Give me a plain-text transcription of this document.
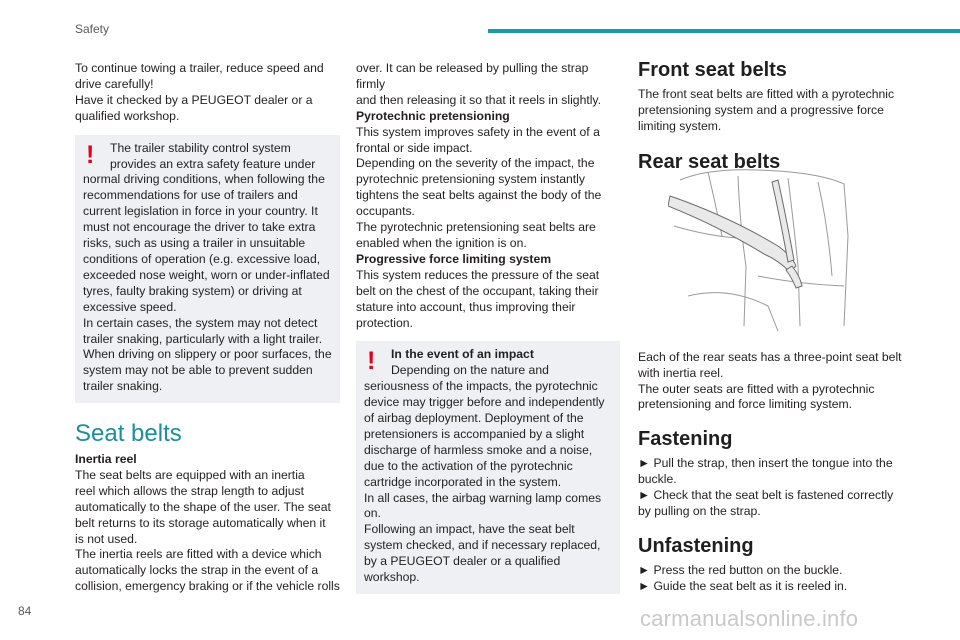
Safety

To continue towing a trailer, reduce speed and

drive carefully!

Have it checked by a PEUGEOT dealer or a

qualified workshop.

!	The trailer stability control system

provides an extra safety feature under

normal driving conditions, when following the

recommendations for use of trailers and

current legislation in force in your country. It

must not encourage the driver to take extra

risks, such as using a trailer in unsuitable

conditions of operation (e.g. excessive load,

exceeded nose weight, worn or under-inflated

tyres, faulty braking system) or driving at

excessive speed.

In certain cases, the system may not detect

trailer snaking, particularly with a light trailer.

When driving on slippery or poor surfaces, the

system may not be able to prevent sudden

trailer snaking.

Seat belts

Inertia reel

The seat belts are equipped with an inertia

reel which allows the strap length to adjust

automatically to the shape of the user. The seat

belt returns to its storage automatically when it

is not used.

The inertia reels are fitted with a device which

automatically locks the strap in the event of a

collision, emergency braking or if the vehicle rolls

over. It can be released by pulling the strap firmly

and then releasing it so that it reels in slightly.

Pyrotechnic pretensioning

This system improves safety in the event of a

frontal or side impact.

Depending on the severity of the impact, the

pyrotechnic pretensioning system instantly

tightens the seat belts against the body of the

occupants.

The pyrotechnic pretensioning seat belts are

enabled when the ignition is on.

Progressive force limiting system

This system reduces the pressure of the seat

belt on the chest of the occupant, taking their

stature into account, thus improving their

protection.

!	In the event of an impact

Depending on the nature and

seriousness of the impacts, the pyrotechnic

device may trigger before and independently

of airbag deployment. Deployment of the

pretensioners is accompanied by a slight

discharge of harmless smoke and a noise,

due to the activation of the pyrotechnic

cartridge incorporated in the system.

In all cases, the airbag warning lamp comes

on.

Following an impact, have the seat belt

system checked, and if necessary replaced,

by a PEUGEOT dealer or a qualified

workshop.

Front seat belts

The front seat belts are fitted with a pyrotechnic

pretensioning system and a progressive force

limiting system.

Rear seat belts

Each of the rear seats has a three-point seat belt

with inertia reel.

The outer seats are fitted with a pyrotechnic

pretensioning and force limiting system.

Fastening

► Pull the strap, then insert the tongue into the

buckle.

► Check that the seat belt is fastened correctly

by pulling on the strap.

Unfastening

► Press the red button on the buckle.

► Guide the seat belt as it is reeled in.

84	carmanualsonline.info
